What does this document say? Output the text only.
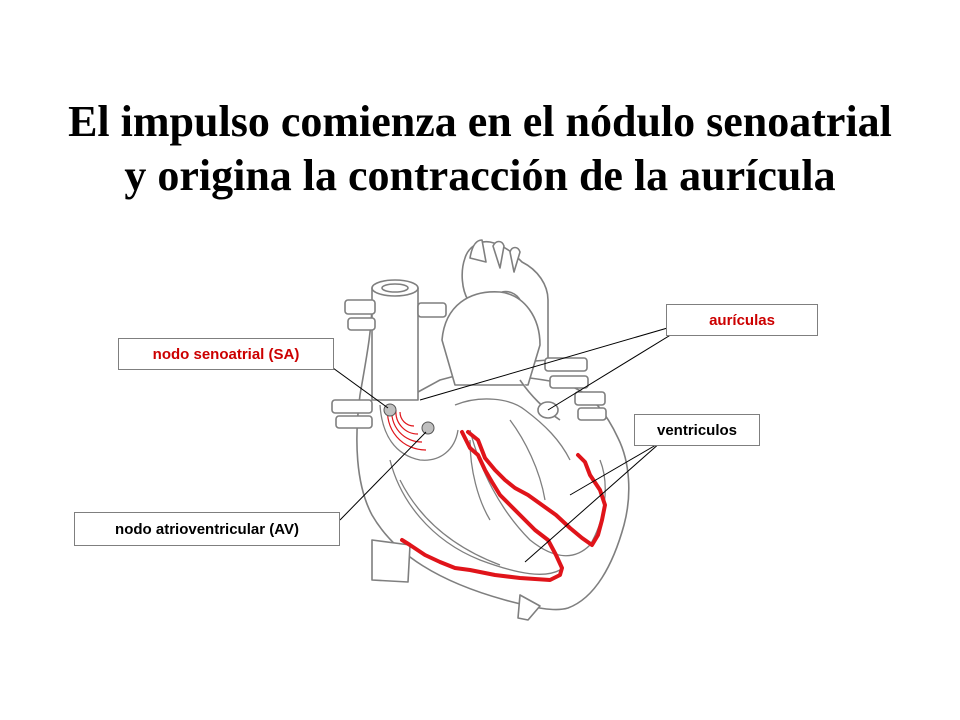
El impulso comienza en el nódulo senoatrial
y origina la contracción de la aurícula
nodo senoatrial (SA)
nodo atrioventricular (AV)
aurículas
ventriculos
